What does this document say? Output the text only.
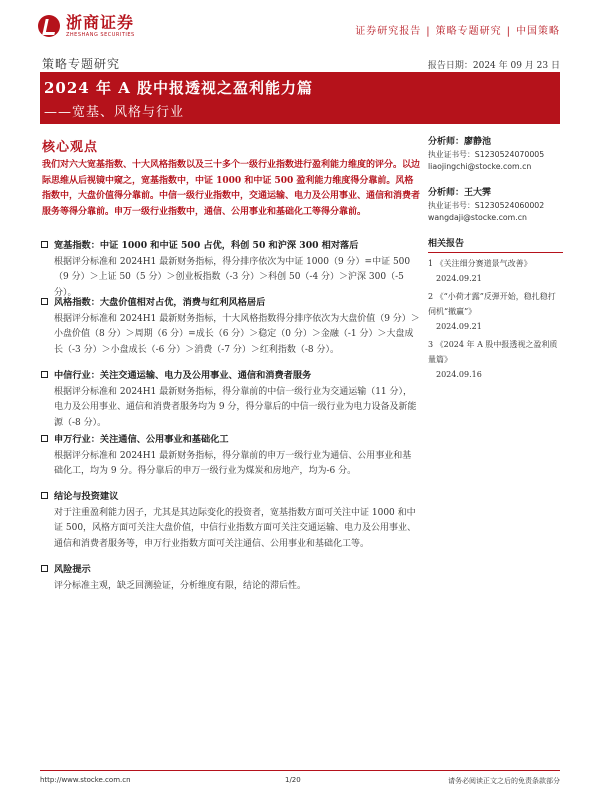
浙商证券
ZHESHANG SECURITIES	证券研究报告 | 策略专题研究 | 中国策略
策略专题研究	报告日期：2024 年 09 月 23 日
2024 年 A 股中报透视之盈利能力篇
——宽基、风格与行业
核心观点
我们对六大宽基指数、十大风格指数以及三十多个一级行业指数进行盈利能力维度的评分。以边际思维从后视镜中窥之，宽基指数中，中证 1000 和中证 500 盈利能力维度得分靠前。风格指数中，大盘价值得分靠前。中信一级行业指数中，交通运输、电力及公用事业、通信和消费者服务等得分靠前。申万一级行业指数中，通信、公用事业和基础化工等得分靠前。
宽基指数：中证 1000 和中证 500 占优，科创 50 和沪深 300 相对落后
根据评分标准和 2024H1 最新财务指标，得分排序依次为中证 1000（9 分）=中证 500（9 分）＞上证 50（5 分）＞创业板指数（-3 分）＞科创 50（-4 分）＞沪深 300（-5 分）。
风格指数：大盘价值相对占优，消费与红利风格居后
根据评分标准和 2024H1 最新财务指标，十大风格指数得分排序依次为大盘价值（9 分）＞小盘价值（8 分）＞周期（6 分）=成长（6 分）＞稳定（0 分）＞金融（-1 分）＞大盘成长（-3 分）＞小盘成长（-6 分）＞消费（-7 分）＞红利指数（-8 分）。
中信行业：关注交通运输、电力及公用事业、通信和消费者服务
根据评分标准和 2024H1 最新财务指标，得分靠前的中信一级行业为交通运输（11 分），电力及公用事业、通信和消费者服务均为 9 分，得分靠后的中信一级行业为电力设备及新能源（-8 分）。
申万行业：关注通信、公用事业和基础化工
根据评分标准和 2024H1 最新财务指标，得分靠前的申万一级行业为通信、公用事业和基础化工，均为 9 分。得分靠后的申万一级行业为煤炭和房地产，均为-6 分。
结论与投资建议
对于注重盈利能力因子，尤其是其边际变化的投资者，宽基指数方面可关注中证 1000 和中证 500，风格方面可关注大盘价值，中信行业指数方面可关注交通运输、电力及公用事业、通信和消费者服务等，申万行业指数方面可关注通信、公用事业和基础化工等。
风险提示
评分标准主观，缺乏回测验证，分析维度有限，结论的滞后性。
分析师：廖静池
执业证书号：S1230524070005
liaojingchi@stocke.com.cn
分析师：王大霁
执业证书号：S1230524060002
wangdaji@stocke.com.cn
相关报告
1 《关注细分赛道景气改善》
2024.09.21
2 《“小荷才露”反弹开始，稳扎稳打伺机“撤赢”》
2024.09.21
3 《2024 年 A 股中报透视之盈利质量篇》
2024.09.16
http://www.stocke.com.cn	1/20	请务必阅读正文之后的免责条款部分
